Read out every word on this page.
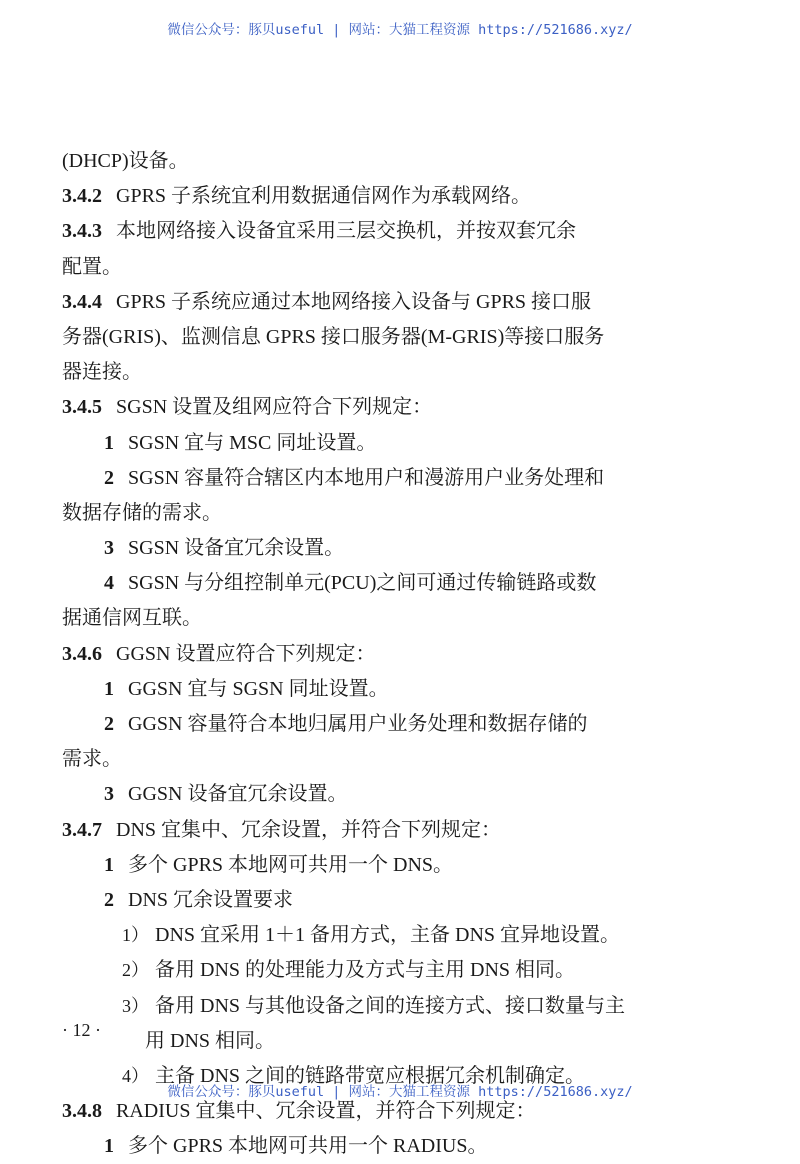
微信公众号：豚贝useful | 网站：大猫工程资源 https://521686.xyz/
(DHCP)设备。
3.4.2 GPRS 子系统宜利用数据通信网作为承载网络。
3.4.3 本地网络接入设备宜采用三层交换机，并按双套冗余
配置。
3.4.4 GPRS 子系统应通过本地网络接入设备与 GPRS 接口服
务器(GRIS)、监测信息 GPRS 接口服务器(M-GRIS)等接口服务
器连接。
3.4.5 SGSN 设置及组网应符合下列规定：
1 SGSN 宜与 MSC 同址设置。
2 SGSN 容量符合辖区内本地用户和漫游用户业务处理和
数据存储的需求。
3 SGSN 设备宜冗余设置。
4 SGSN 与分组控制单元(PCU)之间可通过传输链路或数
据通信网互联。
3.4.6 GGSN 设置应符合下列规定：
1 GGSN 宜与 SGSN 同址设置。
2 GGSN 容量符合本地归属用户业务处理和数据存储的
需求。
3 GGSN 设备宜冗余设置。
3.4.7 DNS 宜集中、冗余设置，并符合下列规定：
1 多个 GPRS 本地网可共用一个 DNS。
2 DNS 冗余设置要求
1） DNS 宜采用 1＋1 备用方式，主备 DNS 宜异地设置。
2） 备用 DNS 的处理能力及方式与主用 DNS 相同。
3） 备用 DNS 与其他设备之间的连接方式、接口数量与主
用 DNS 相同。
4） 主备 DNS 之间的链路带宽应根据冗余机制确定。
3.4.8 RADIUS 宜集中、冗余设置，并符合下列规定：
1 多个 GPRS 本地网可共用一个 RADIUS。
· 12 ·
微信公众号：豚贝useful | 网站：大猫工程资源 https://521686.xyz/
